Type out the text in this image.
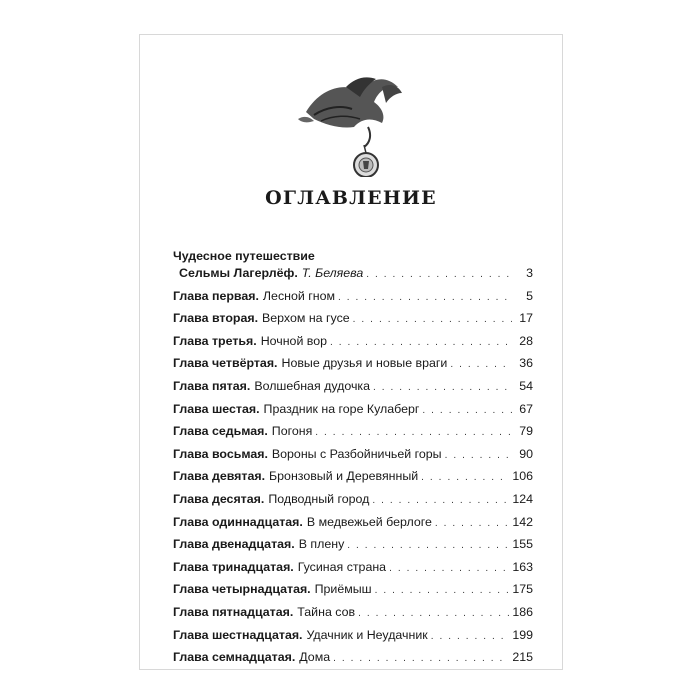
ОГЛАВЛЕНИЕ
Чудесное путешествие
Сельмы Лагерлёф. Т. Беляева . . .	3
Глава первая. Лесной гном . . .	5
Глава вторая. Верхом на гусе . . .	17
Глава третья. Ночной вор . . .	28
Глава четвёртая. Новые друзья и новые враги . . .	36
Глава пятая. Волшебная дудочка . . .	54
Глава шестая. Праздник на горе Кулаберг . . .	67
Глава седьмая. Погоня . . .	79
Глава восьмая. Вороны с Разбойничьей горы . . .	90
Глава девятая. Бронзовый и Деревянный . . .	106
Глава десятая. Подводный город . . .	124
Глава одиннадцатая. В медвежьей берлоге . . .	142
Глава двенадцатая. В плену . . .	155
Глава тринадцатая. Гусиная страна . . .	163
Глава четырнадцатая. Приёмыш . . .	175
Глава пятнадцатая. Тайна сов . . .	186
Глава шестнадцатая. Удачник и Неудачник . . .	199
Глава семнадцатая. Дома . . .	215
